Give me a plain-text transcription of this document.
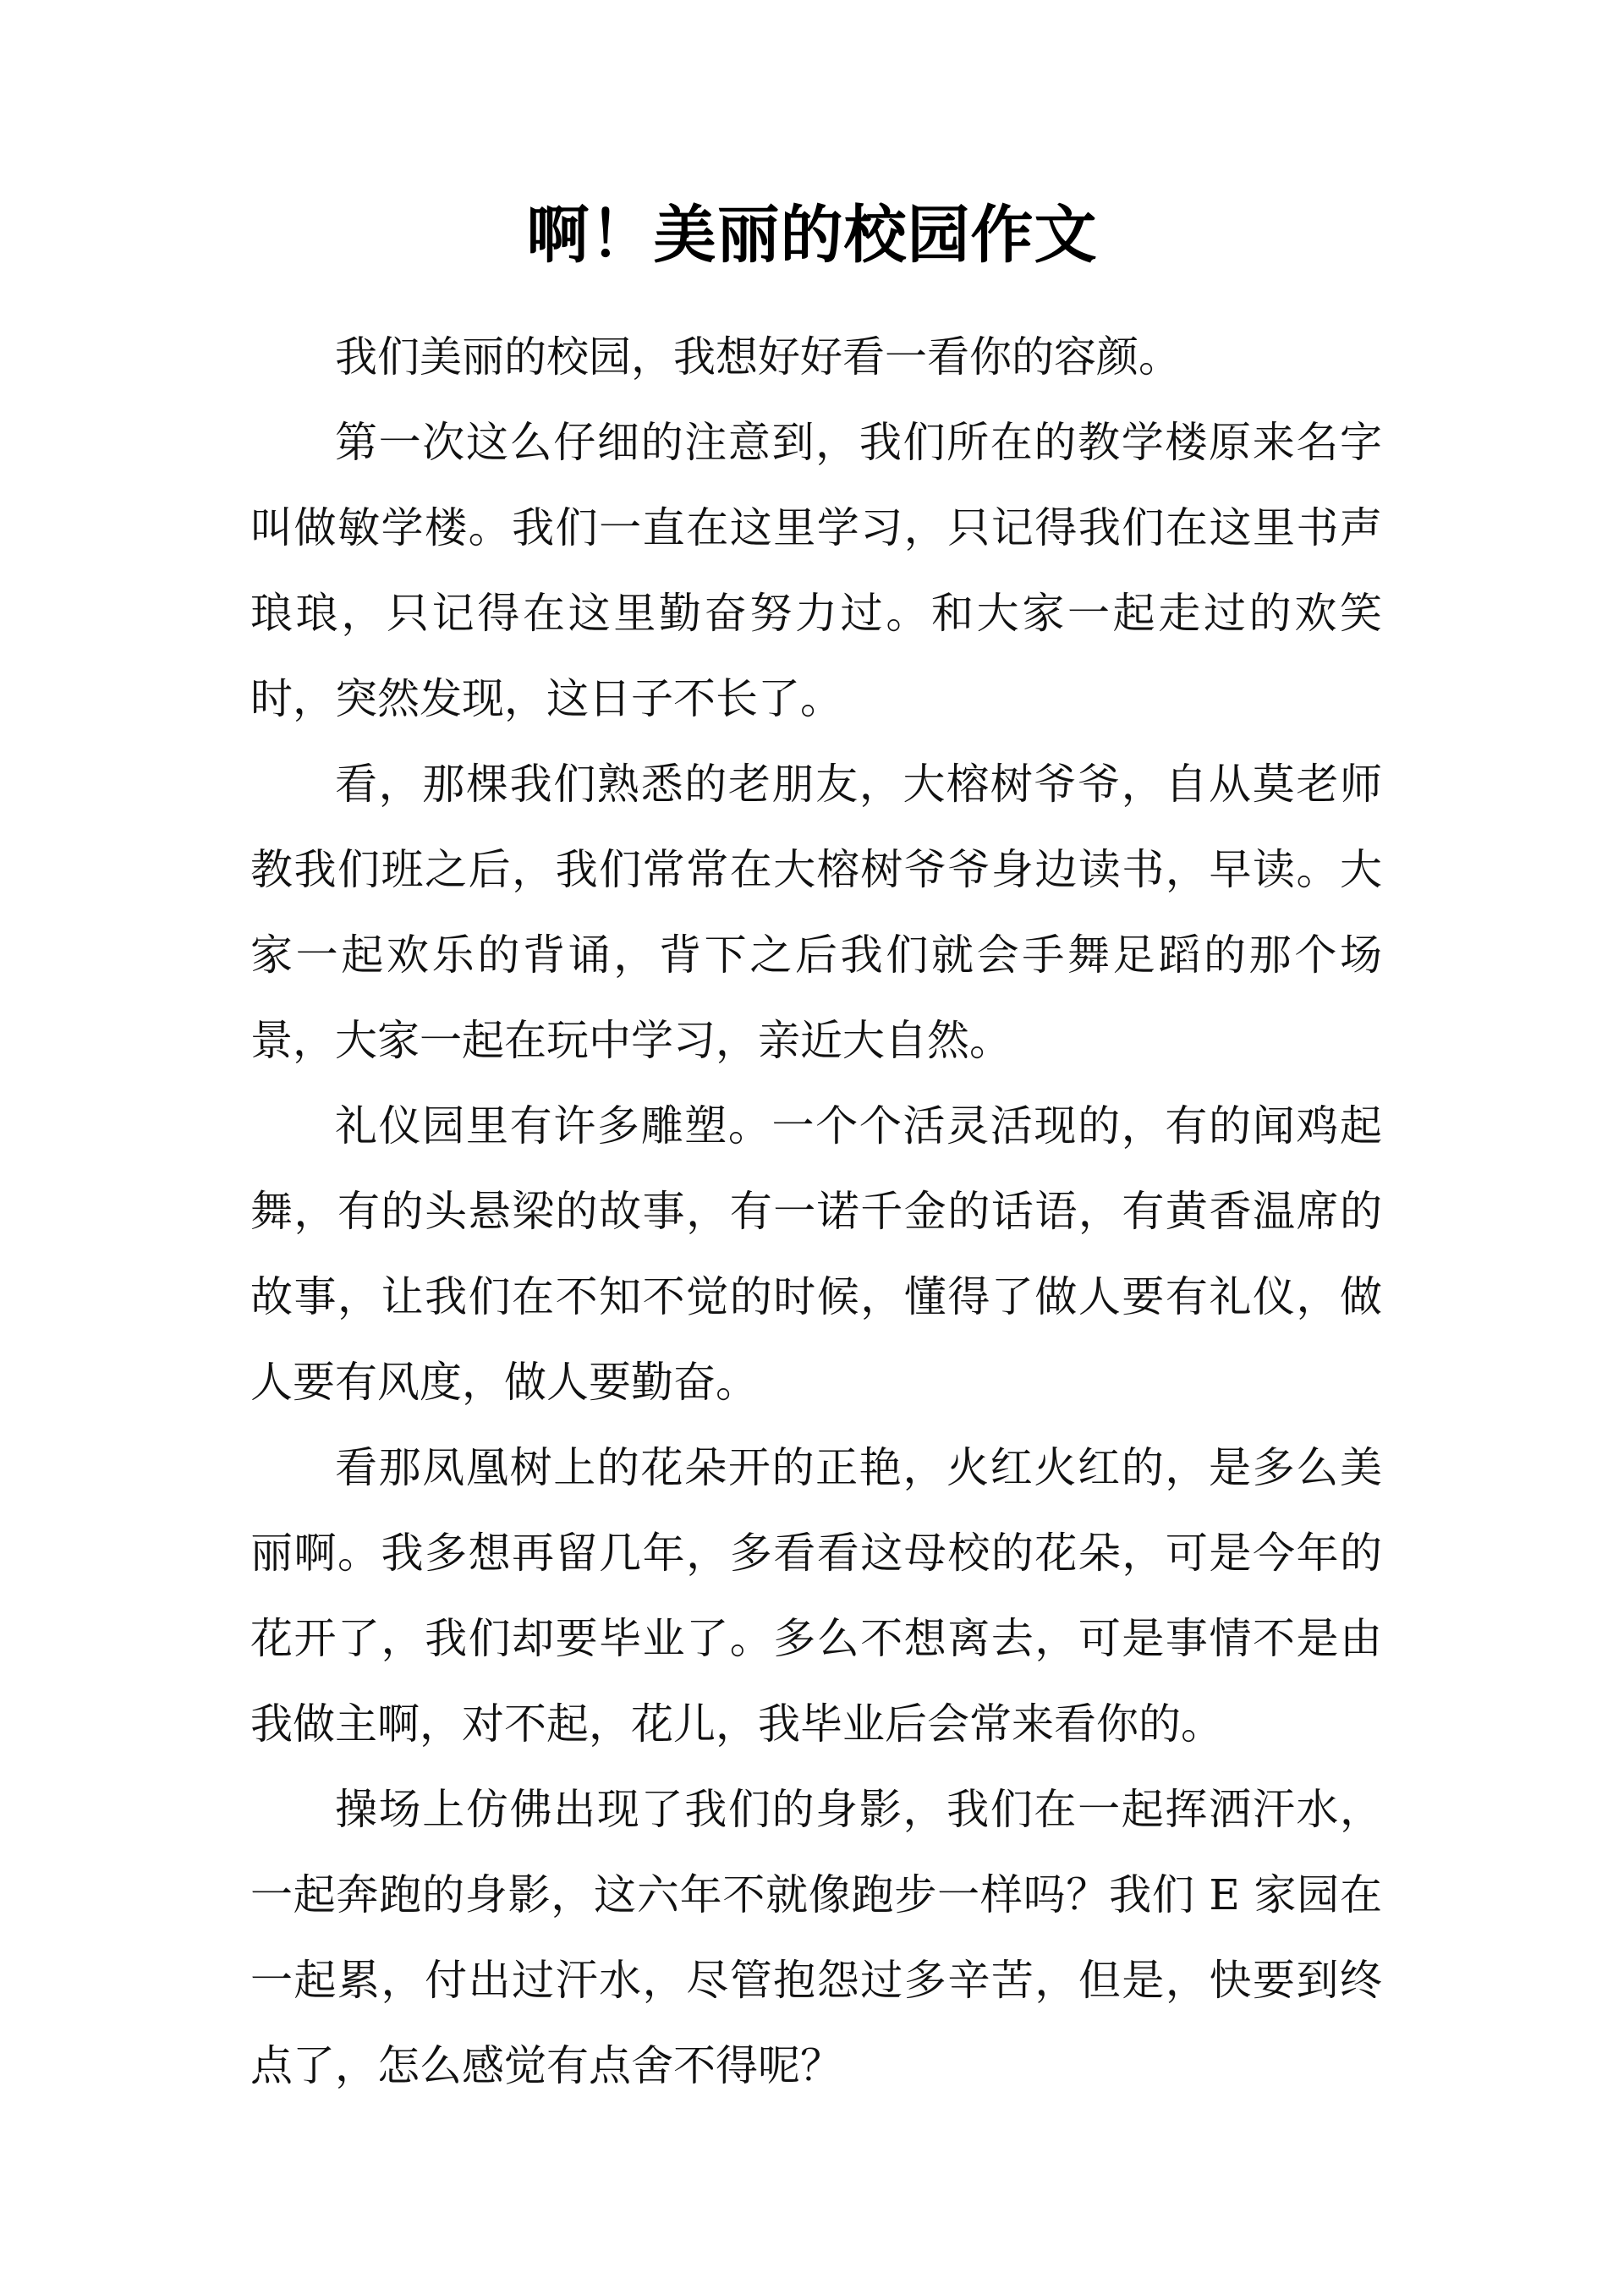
啊！美丽的校园作文

我们美丽的校园，我想好好看一看你的容颜。

第一次这么仔细的注意到，我们所在的教学楼原来名字叫做敏学楼。我们一直在这里学习，只记得我们在这里书声琅琅，只记得在这里勤奋努力过。和大家一起走过的欢笑时，突然发现，这日子不长了。

看，那棵我们熟悉的老朋友，大榕树爷爷，自从莫老师教我们班之后，我们常常在大榕树爷爷身边读书，早读。大家一起欢乐的背诵，背下之后我们就会手舞足蹈的那个场景，大家一起在玩中学习，亲近大自然。

礼仪园里有许多雕塑。一个个活灵活现的，有的闻鸡起舞，有的头悬梁的故事，有一诺千金的话语，有黄香温席的故事，让我们在不知不觉的时候，懂得了做人要有礼仪，做人要有风度，做人要勤奋。

看那凤凰树上的花朵开的正艳，火红火红的，是多么美丽啊。我多想再留几年，多看看这母校的花朵，可是今年的花开了，我们却要毕业了。多么不想离去，可是事情不是由我做主啊，对不起，花儿，我毕业后会常来看你的。

操场上仿佛出现了我们的身影，我们在一起挥洒汗水，一起奔跑的身影，这六年不就像跑步一样吗？我们 E 家园在一起累，付出过汗水，尽管抱怨过多辛苦，但是，快要到终点了，怎么感觉有点舍不得呢？
